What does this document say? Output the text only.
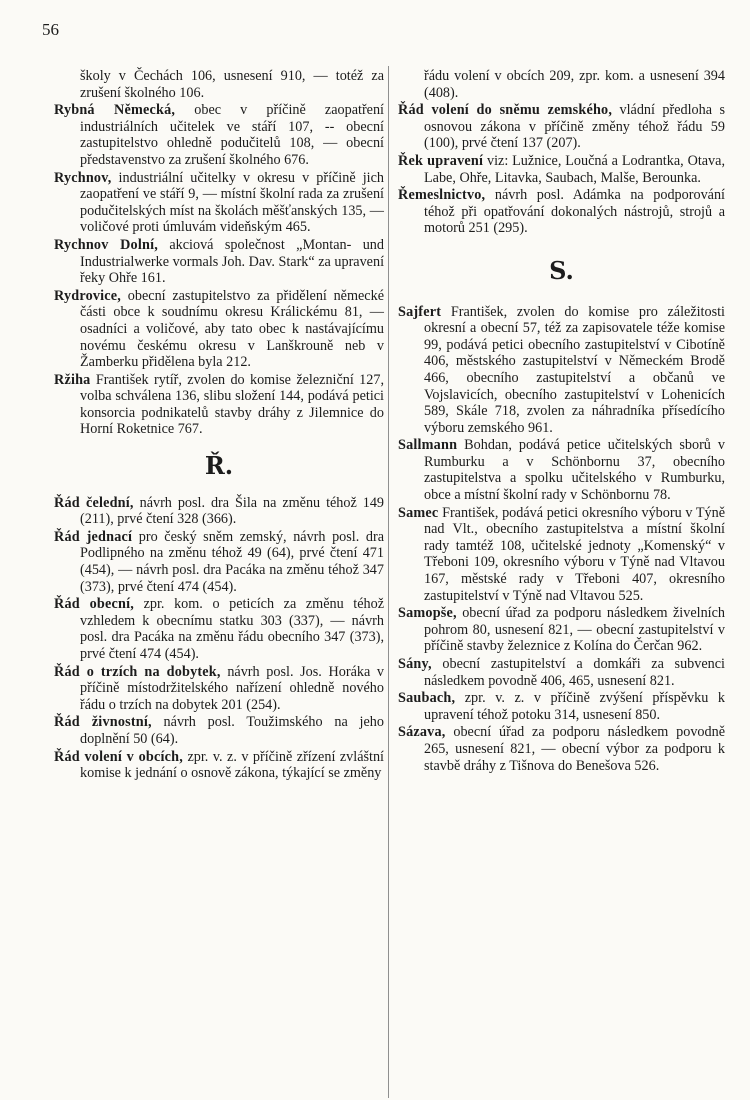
56
školy v Čechách 106, usnesení 910, — totéž za zrušení školného 106.
Rybná Německá, obec v příčině zaopatření industriálních učitelek ve stáří 107, -- obecní zastupitelstvo ohledně podučitelů 108, — obecní představenstvo za zrušení školného 676.
Rychnov, industriální učitelky v okresu v příčině jich zaopatření ve stáří 9, — místní školní rada za zrušení podučitelských míst na školách měšťanských 135, — voličové proti úmluvám videňským 465.
Rychnov Dolní, akciová společnost „Montan- und Industrialwerke vormals Joh. Dav. Stark“ za upravení řeky Ohře 161.
Rydrovice, obecní zastupitelstvo za přidělení německé části obce k soudnímu okresu Králickému 81, — osadníci a voličové, aby tato obec k nastávajícímu novému českému okresu v Lanškrouně neb v Žamberku přidělena byla 212.
Ržiha František rytíř, zvolen do komise železniční 127, volba schválena 136, slibu složení 144, podává petici konsorcia podnikatelů stavby dráhy z Jilemnice do Horní Roketnice 767.
Ř.
Řád čelední, návrh posl. dra Šila na změnu téhož 149 (211), prvé čtení 328 (366).
Řád jednací pro český sněm zemský, návrh posl. dra Podlipného na změnu téhož 49 (64), prvé čtení 471 (454), — návrh posl. dra Pacáka na změnu téhož 347 (373), prvé čtení 474 (454).
Řád obecní, zpr. kom. o peticích za změnu téhož vzhledem k obecnímu statku 303 (337), — návrh posl. dra Pacáka na změnu řádu obecního 347 (373), prvé čtení 474 (454).
Řád o trzích na dobytek, návrh posl. Jos. Horáka v příčině místodržitelského nařízení ohledně nového řádu o trzích na dobytek 201 (254).
Řád živnostní, návrh posl. Toužimského na jeho doplnění 50 (64).
Řád volení v obcích, zpr. v. z. v příčině zřízení zvláštní komise k jednání o osnově zákona, týkající se změny
řádu volení v obcích 209, zpr. kom. a usnesení 394 (408).
Řád volení do sněmu zemského, vládní předloha s osnovou zákona v příčině změny téhož řádu 59 (100), prvé čtení 137 (207).
Řek upravení viz: Lužnice, Loučná a Lodrantka, Otava, Labe, Ohře, Litavka, Saubach, Malše, Berounka.
Řemeslnictvo, návrh posl. Adámka na podporování téhož při opatřování dokonalých nástrojů, strojů a motorů 251 (295).
S.
Sajfert František, zvolen do komise pro záležitosti okresní a obecní 57, též za zapisovatele téže komise 99, podává petici obecního zastupitelství v Cibotíně 406, městského zastupitelství v Německém Brodě 466, obecního zastupitelství a občanů ve Vojslavicích, obecního zastupitelství v Lohenicích 589, Skále 718, zvolen za náhradníka přísedícího výboru zemského 961.
Sallmann Bohdan, podává petice učitelských sborů v Rumburku a v Schönbornu 37, obecního zastupitelstva a spolku učitelského v Rumburku, obce a místní školní rady v Schönbornu 78.
Samec František, podává petici okresního výboru v Týně nad Vlt., obecního zastupitelstva a místní školní rady tamtéž 108, učitelské jednoty „Komenský“ v Třeboni 109, okresního výboru v Týně nad Vltavou 167, městské rady v Třeboni 407, okresního zastupitelství v Týně nad Vltavou 525.
Samopše, obecní úřad za podporu následkem živelních pohrom 80, usnesení 821, — obecní zastupitelství v příčině stavby železnice z Kolína do Čerčan 962.
Sány, obecní zastupitelství a domkáři za subvenci následkem povodně 406, 465, usnesení 821.
Saubach, zpr. v. z. v příčině zvýšení příspěvku k upravení téhož potoku 314, usnesení 850.
Sázava, obecní úřad za podporu následkem povodně 265, usnesení 821, — obecní výbor za podporu k stavbě dráhy z Tišnova do Benešova 526.
